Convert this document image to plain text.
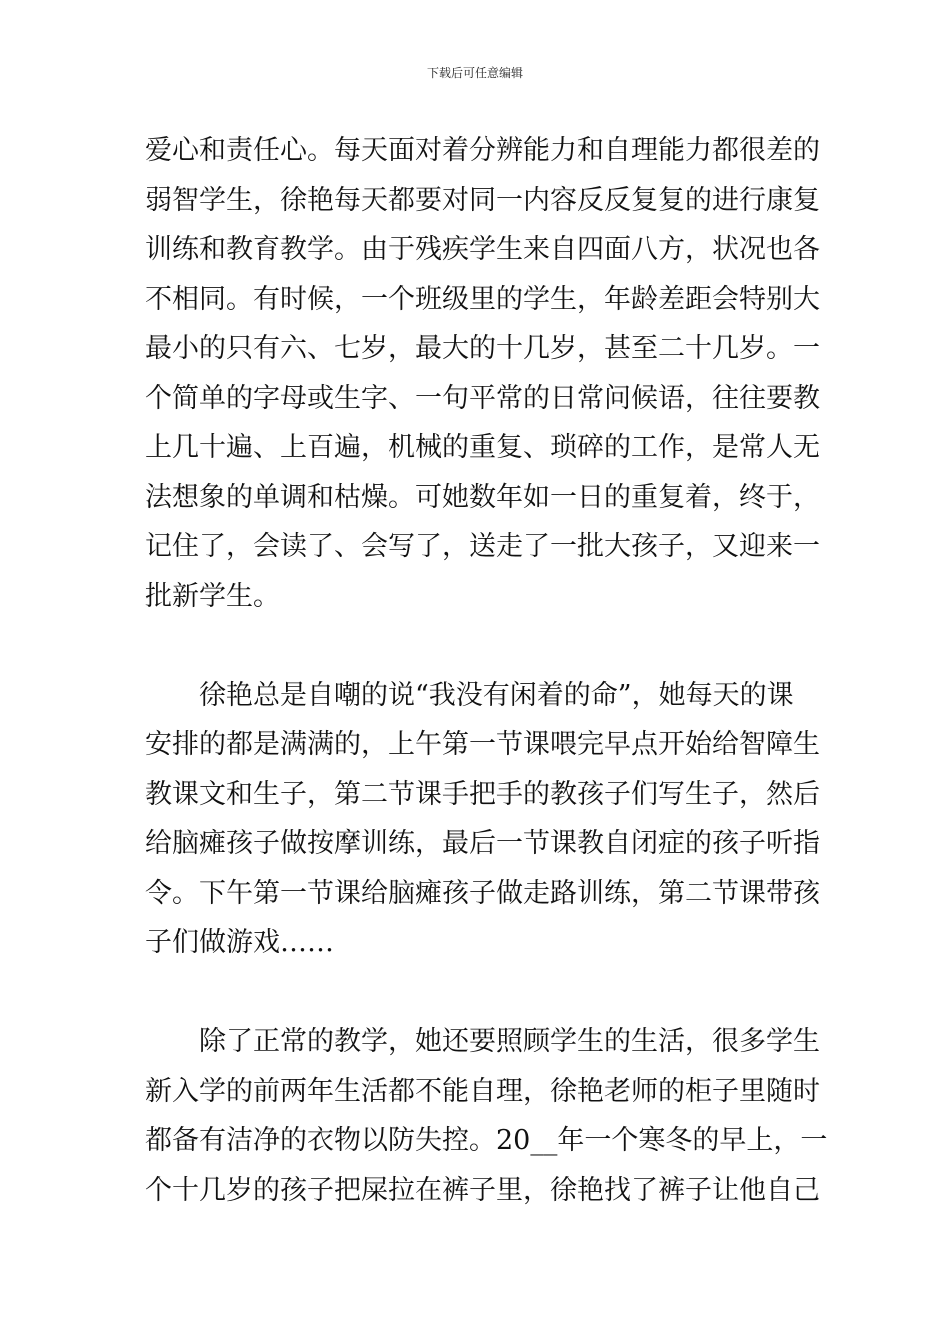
下载后可任意编辑
爱心和责任心。每天面对着分辨能力和自理能力都很差的
弱智学生，徐艳每天都要对同一内容反反复复的进行康复
训练和教育教学。由于残疾学生来自四面八方，状况也各
不相同。有时候，一个班级里的学生，年龄差距会特别大
最小的只有六、七岁，最大的十几岁，甚至二十几岁。一
个简单的字母或生字、一句平常的日常问候语，往往要教
上几十遍、上百遍，机械的重复、琐碎的工作，是常人无
法想象的单调和枯燥。可她数年如一日的重复着，终于，
记住了，会读了、会写了，送走了一批大孩子，又迎来一
批新学生。
徐艳总是自嘲的说“我没有闲着的命”，她每天的课
安排的都是满满的，上午第一节课喂完早点开始给智障生
教课文和生子，第二节课手把手的教孩子们写生子，然后
给脑瘫孩子做按摩训练，最后一节课教自闭症的孩子听指
令。下午第一节课给脑瘫孩子做走路训练，第二节课带孩
子们做游戏……
除了正常的教学，她还要照顾学生的生活，很多学生
新入学的前两年生活都不能自理，徐艳老师的柜子里随时
都备有洁净的衣物以防失控。20__年一个寒冬的早上，一
个十几岁的孩子把屎拉在裤子里，徐艳找了裤子让他自己
